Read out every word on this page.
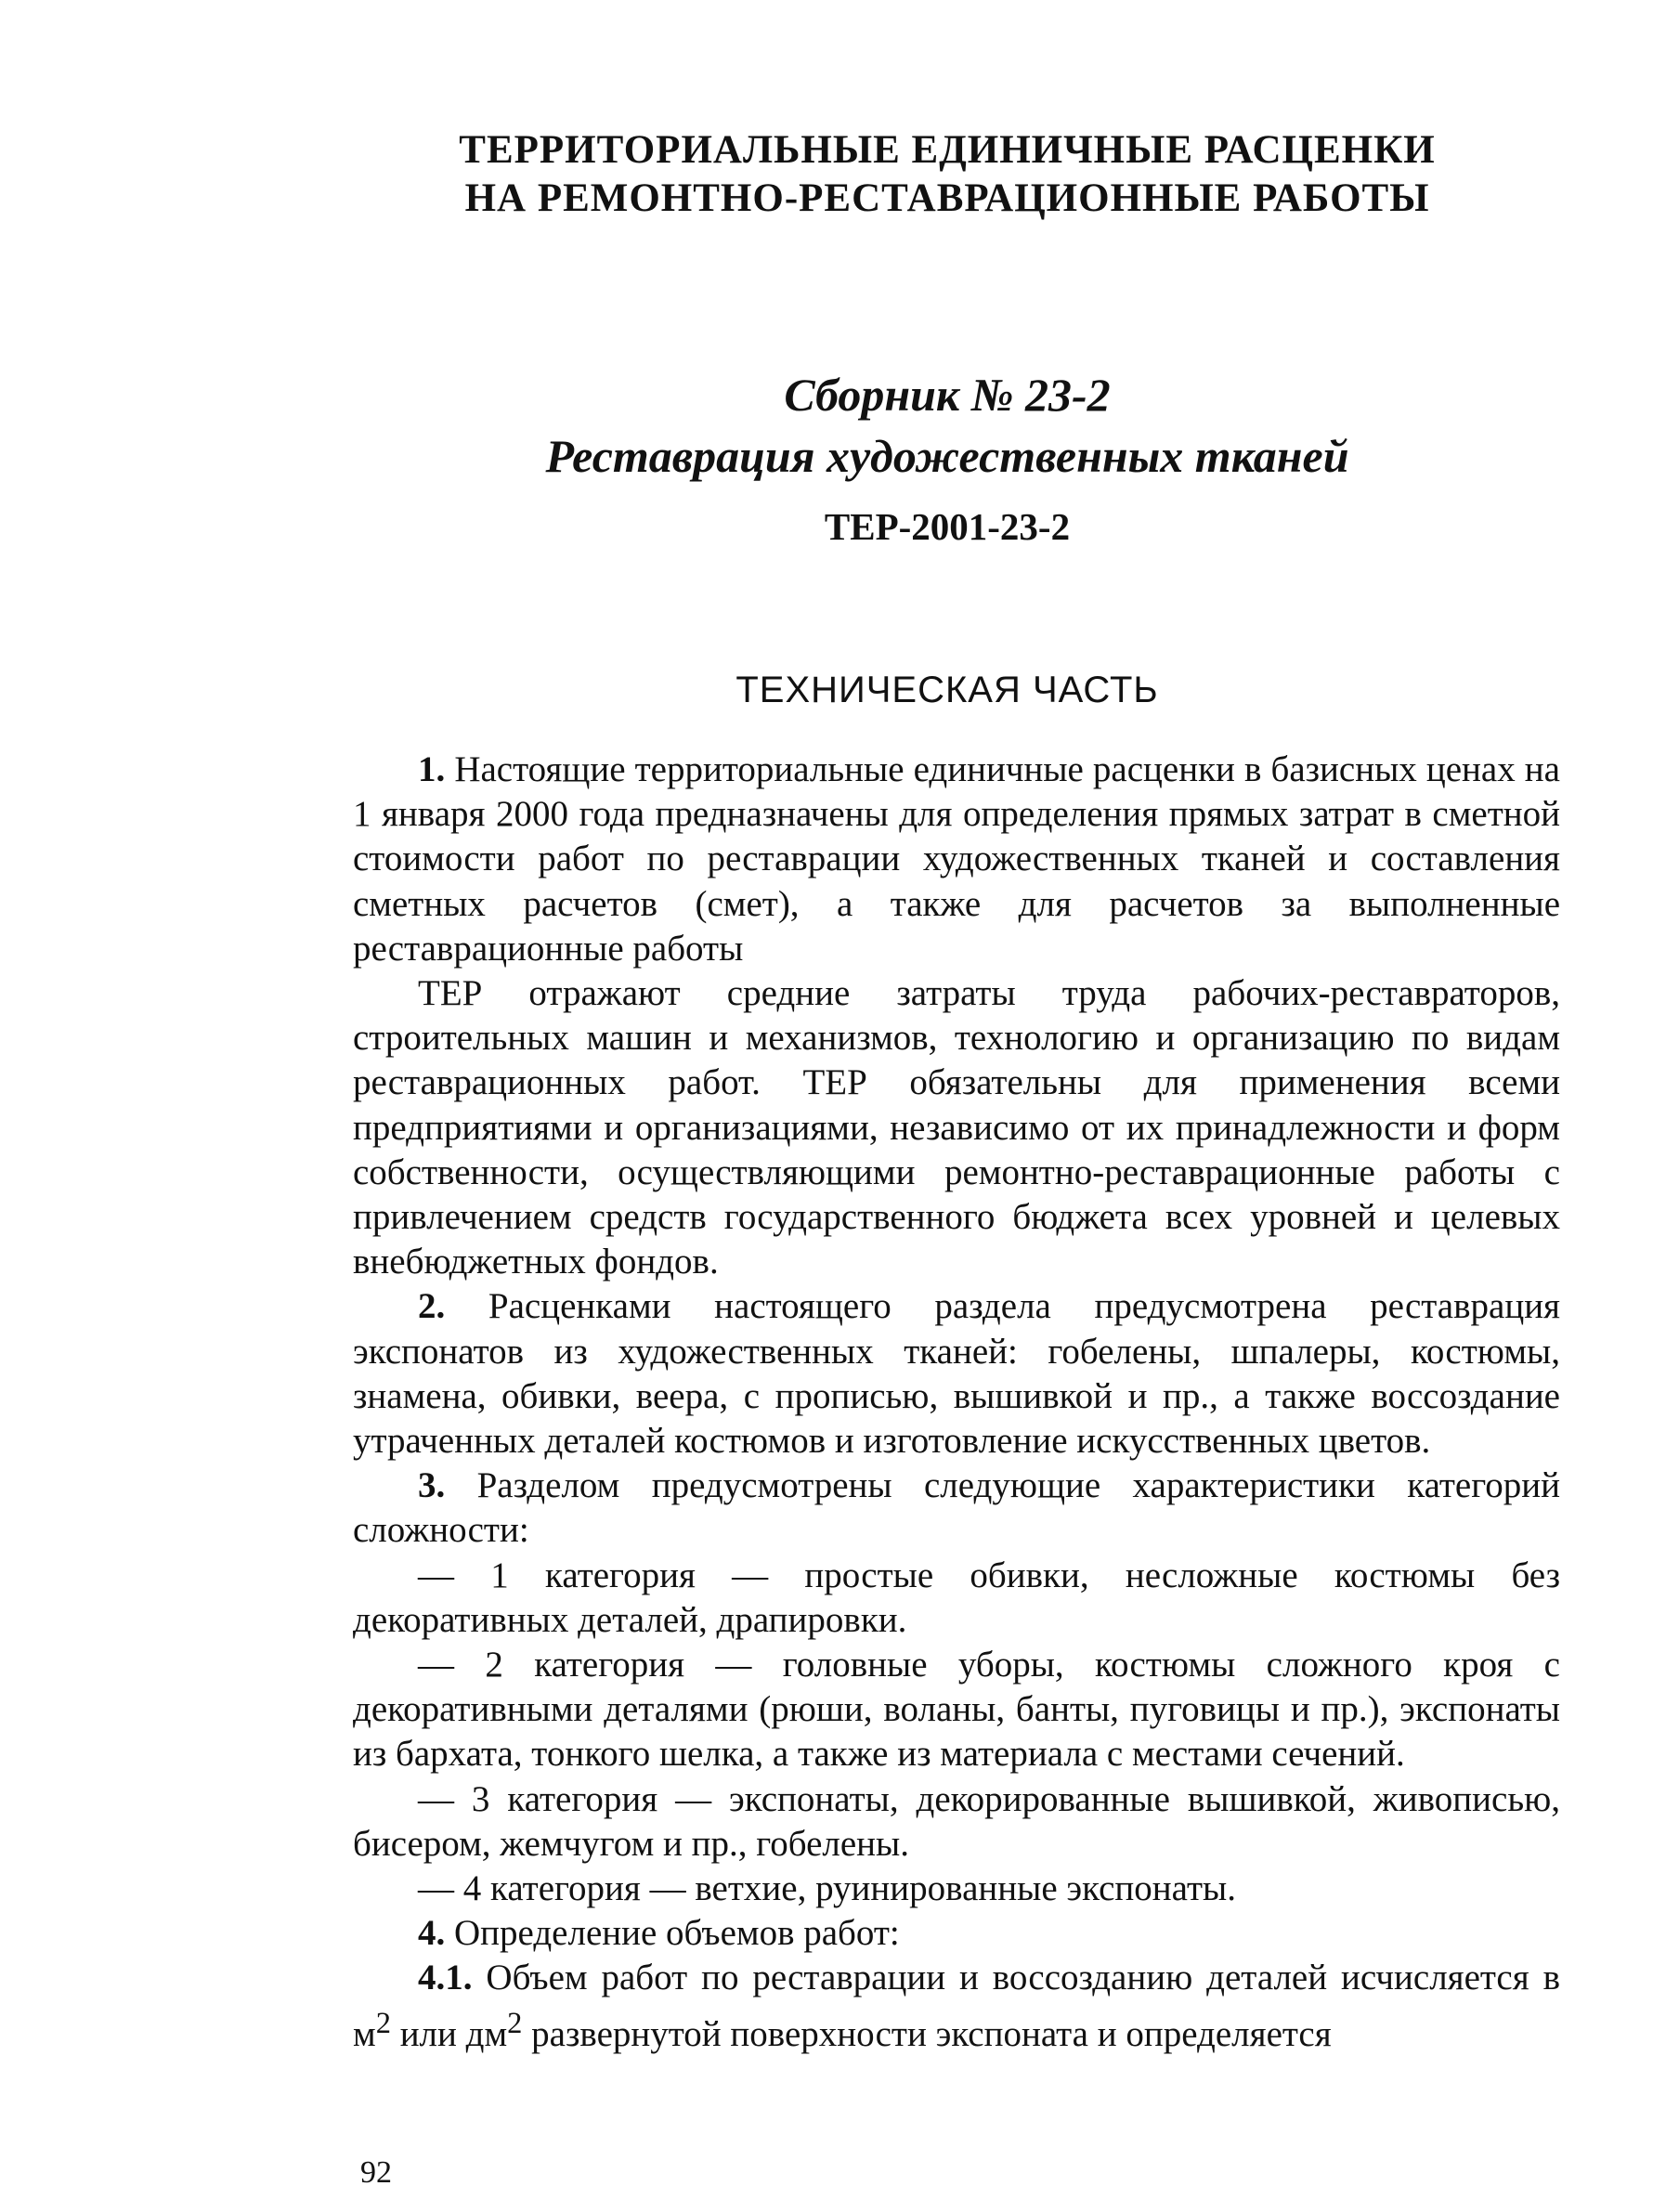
ТЕРРИТОРИАЛЬНЫЕ ЕДИНИЧНЫЕ РАСЦЕНКИ
НА РЕМОНТНО-РЕСТАВРАЦИОННЫЕ РАБОТЫ
Сборник № 23-2
Реставрация художественных тканей
ТЕР-2001-23-2
ТЕХНИЧЕСКАЯ ЧАСТЬ

1. Настоящие территориальные единичные расценки в базисных ценах на 1 января 2000 года предназначены для определения прямых затрат в сметной стоимости работ по реставрации художественных тканей и составления сметных расчетов (смет), а также для расчетов за выполненные реставрационные работы

ТЕР отражают средние затраты труда рабочих-реставраторов, строительных машин и механизмов, технологию и организацию по видам реставрационных работ. ТЕР обязательны для применения всеми предприятиями и организациями, независимо от их принадлежности и форм собственности, осуществляющими ремонтно-реставрационные работы с привлечением средств государственного бюджета всех уровней и целевых внебюджетных фондов.

2. Расценками настоящего раздела предусмотрена реставрация экспонатов из художественных тканей: гобелены, шпалеры, костюмы, знамена, обивки, веера, с прописью, вышивкой и пр., а также воссоздание утраченных деталей костюмов и изготовление искусственных цветов.

3. Разделом предусмотрены следующие характеристики категорий сложности:

— 1 категория — простые обивки, несложные костюмы без декоративных деталей, драпировки.

— 2 категория — головные уборы, костюмы сложного кроя с декоративными деталями (рюши, воланы, банты, пуговицы и пр.), экспонаты из бархата, тонкого шелка, а также из материала с местами сечений.

— 3 категория — экспонаты, декорированные вышивкой, живописью, бисером, жемчугом и пр., гобелены.

— 4 категория — ветхие, руинированные экспонаты.

4. Определение объемов работ:

4.1. Объем работ по реставрации и воссозданию деталей исчисляется в $м^2$ или $дм^2$ развернутой поверхности экспоната и определяется

92
